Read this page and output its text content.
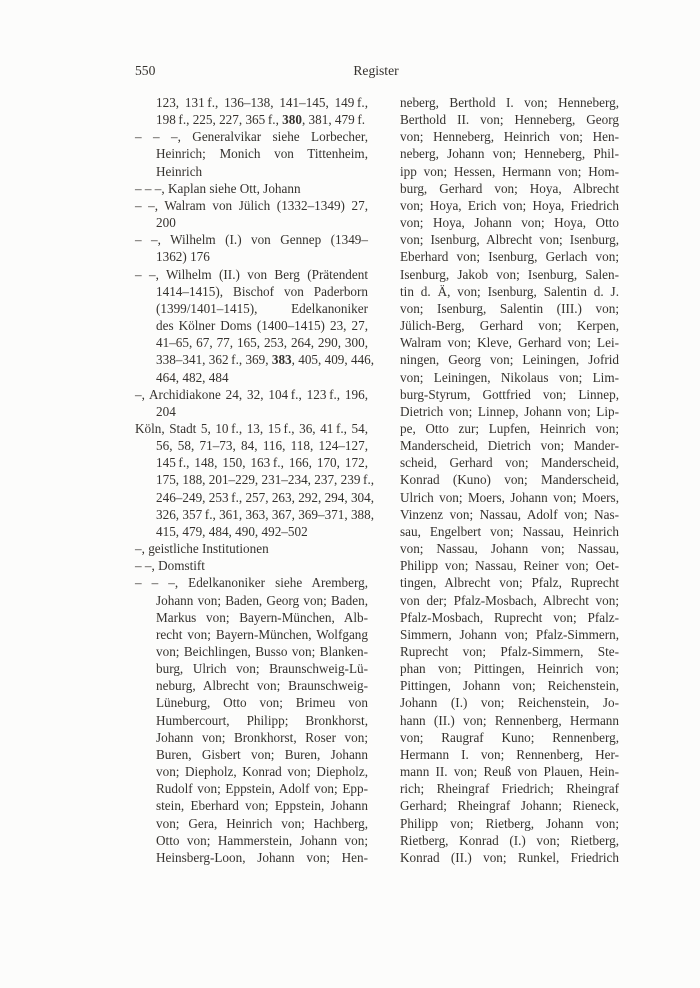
550	Register
123, 131 f., 136–138, 141–145, 149 f.,
198 f., 225, 227, 365 f., 380, 381, 479 f.
– – –, Generalvikar siehe Lorbecher,
Heinrich; Monich von Tittenheim,
Heinrich
– – –, Kaplan siehe Ott, Johann
– –, Walram von Jülich (1332–1349) 27,
200
– –, Wilhelm (I.) von Gennep (1349–
1362) 176
– –, Wilhelm (II.) von Berg (Prätendent
1414–1415), Bischof von Paderborn
(1399/1401–1415), Edelkanoniker
des Kölner Doms (1400–1415) 23, 27,
41–65, 67, 77, 165, 253, 264, 290, 300,
338–341, 362 f., 369, 383, 405, 409, 446,
464, 482, 484
–, Archidiakone 24, 32, 104 f., 123 f., 196,
204
Köln, Stadt 5, 10 f., 13, 15 f., 36, 41 f., 54,
56, 58, 71–73, 84, 116, 118, 124–127,
145 f., 148, 150, 163 f., 166, 170, 172,
175, 188, 201–229, 231–234, 237, 239 f.,
246–249, 253 f., 257, 263, 292, 294, 304,
326, 357 f., 361, 363, 367, 369–371, 388,
415, 479, 484, 490, 492–502
–, geistliche Institutionen
– –, Domstift
– – –, Edelkanoniker siehe Aremberg,
Johann von; Baden, Georg von; Baden,
Markus von; Bayern-München, Alb-
recht von; Bayern-München, Wolfgang
von; Beichlingen, Busso von; Blanken-
burg, Ulrich von; Braunschweig-Lü-
neburg, Albrecht von; Braunschweig-
Lüneburg, Otto von; Brimeu von
Humbercourt, Philipp; Bronkhorst,
Johann von; Bronkhorst, Roser von;
Buren, Gisbert von; Buren, Johann
von; Diepholz, Konrad von; Diepholz,
Rudolf von; Eppstein, Adolf von; Epp-
stein, Eberhard von; Eppstein, Johann
von; Gera, Heinrich von; Hachberg,
Otto von; Hammerstein, Johann von;
Heinsberg-Loon, Johann von; Hen-
neberg, Berthold I. von; Henneberg,
Berthold II. von; Henneberg, Georg
von; Henneberg, Heinrich von; Hen-
neberg, Johann von; Henneberg, Phil-
ipp von; Hessen, Hermann von; Hom-
burg, Gerhard von; Hoya, Albrecht
von; Hoya, Erich von; Hoya, Friedrich
von; Hoya, Johann von; Hoya, Otto
von; Isenburg, Albrecht von; Isenburg,
Eberhard von; Isenburg, Gerlach von;
Isenburg, Jakob von; Isenburg, Salen-
tin d. Ä, von; Isenburg, Salentin d. J.
von; Isenburg, Salentin (III.) von;
Jülich-Berg, Gerhard von; Kerpen,
Walram von; Kleve, Gerhard von; Lei-
ningen, Georg von; Leiningen, Jofrid
von; Leiningen, Nikolaus von; Lim-
burg-Styrum, Gottfried von; Linnep,
Dietrich von; Linnep, Johann von; Lip-
pe, Otto zur; Lupfen, Heinrich von;
Manderscheid, Dietrich von; Mander-
scheid, Gerhard von; Manderscheid,
Konrad (Kuno) von; Manderscheid,
Ulrich von; Moers, Johann von; Moers,
Vinzenz von; Nassau, Adolf von; Nas-
sau, Engelbert von; Nassau, Heinrich
von; Nassau, Johann von; Nassau,
Philipp von; Nassau, Reiner von; Oet-
tingen, Albrecht von; Pfalz, Ruprecht
von der; Pfalz-Mosbach, Albrecht von;
Pfalz-Mosbach, Ruprecht von; Pfalz-
Simmern, Johann von; Pfalz-Simmern,
Ruprecht von; Pfalz-Simmern, Ste-
phan von; Pittingen, Heinrich von;
Pittingen, Johann von; Reichenstein,
Johann (I.) von; Reichenstein, Jo-
hann (II.) von; Rennenberg, Hermann
von; Raugraf Kuno; Rennenberg,
Hermann I. von; Rennenberg, Her-
mann II. von; Reuß von Plauen, Hein-
rich; Rheingraf Friedrich; Rheingraf
Gerhard; Rheingraf Johann; Rieneck,
Philipp von; Rietberg, Johann von;
Rietberg, Konrad (I.) von; Rietberg,
Konrad (II.) von; Runkel, Friedrich
